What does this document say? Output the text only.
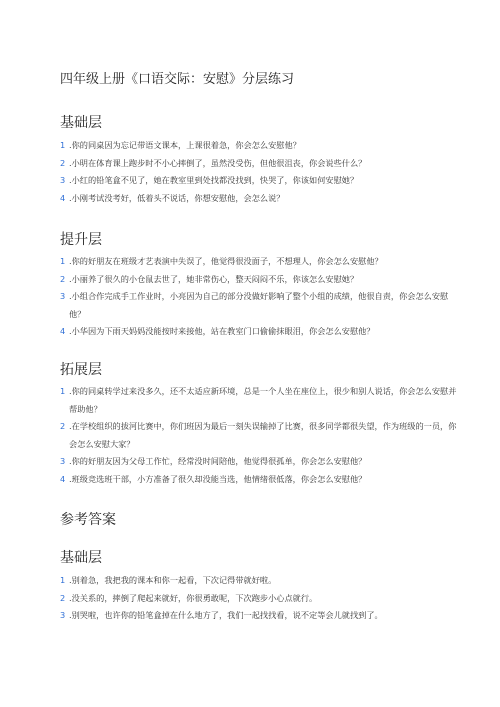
四年级上册《口语交际：安慰》分层练习
基础层
1 .你的同桌因为忘记带语文课本，上课很着急，你会怎么安慰他？
2 .小明在体育课上跑步时不小心摔倒了，虽然没受伤，但他很沮丧，你会说些什么？
3 .小红的铅笔盒不见了，她在教室里到处找都没找到，快哭了，你该如何安慰她？
4 .小刚考试没考好，低着头不说话，你想安慰他，会怎么说？
提升层
1 .你的好朋友在班级才艺表演中失误了，他觉得很没面子，不想理人，你会怎么安慰他？
2 .小丽养了很久的小仓鼠去世了，她非常伤心，整天闷闷不乐，你该怎么安慰她？
3 .小组合作完成手工作业时，小亮因为自己的部分没做好影响了整个小组的成绩，他很自责，你会怎么安慰他？
4 .小华因为下雨天妈妈没能按时来接他，站在教室门口偷偷抹眼泪，你会怎么安慰他？
拓展层
1 .你的同桌转学过来没多久，还不太适应新环境，总是一个人坐在座位上，很少和别人说话，你会怎么安慰并帮助他？
2 .在学校组织的拔河比赛中，你们班因为最后一刻失误输掉了比赛，很多同学都很失望，作为班级的一员，你会怎么安慰大家？
3 .你的好朋友因为父母工作忙，经常没时间陪他，他觉得很孤单，你会怎么安慰他？
4 .班级竞选班干部，小方准备了很久却没能当选，他情绪很低落，你会怎么安慰他？
参考答案
基础层
1 .别着急，我把我的课本和你一起看，下次记得带就好啦。
2 .没关系的，摔倒了爬起来就好，你很勇敢呢，下次跑步小心点就行。
3 .别哭啦，也许你的铅笔盒掉在什么地方了，我们一起找找看，说不定等会儿就找到了。
